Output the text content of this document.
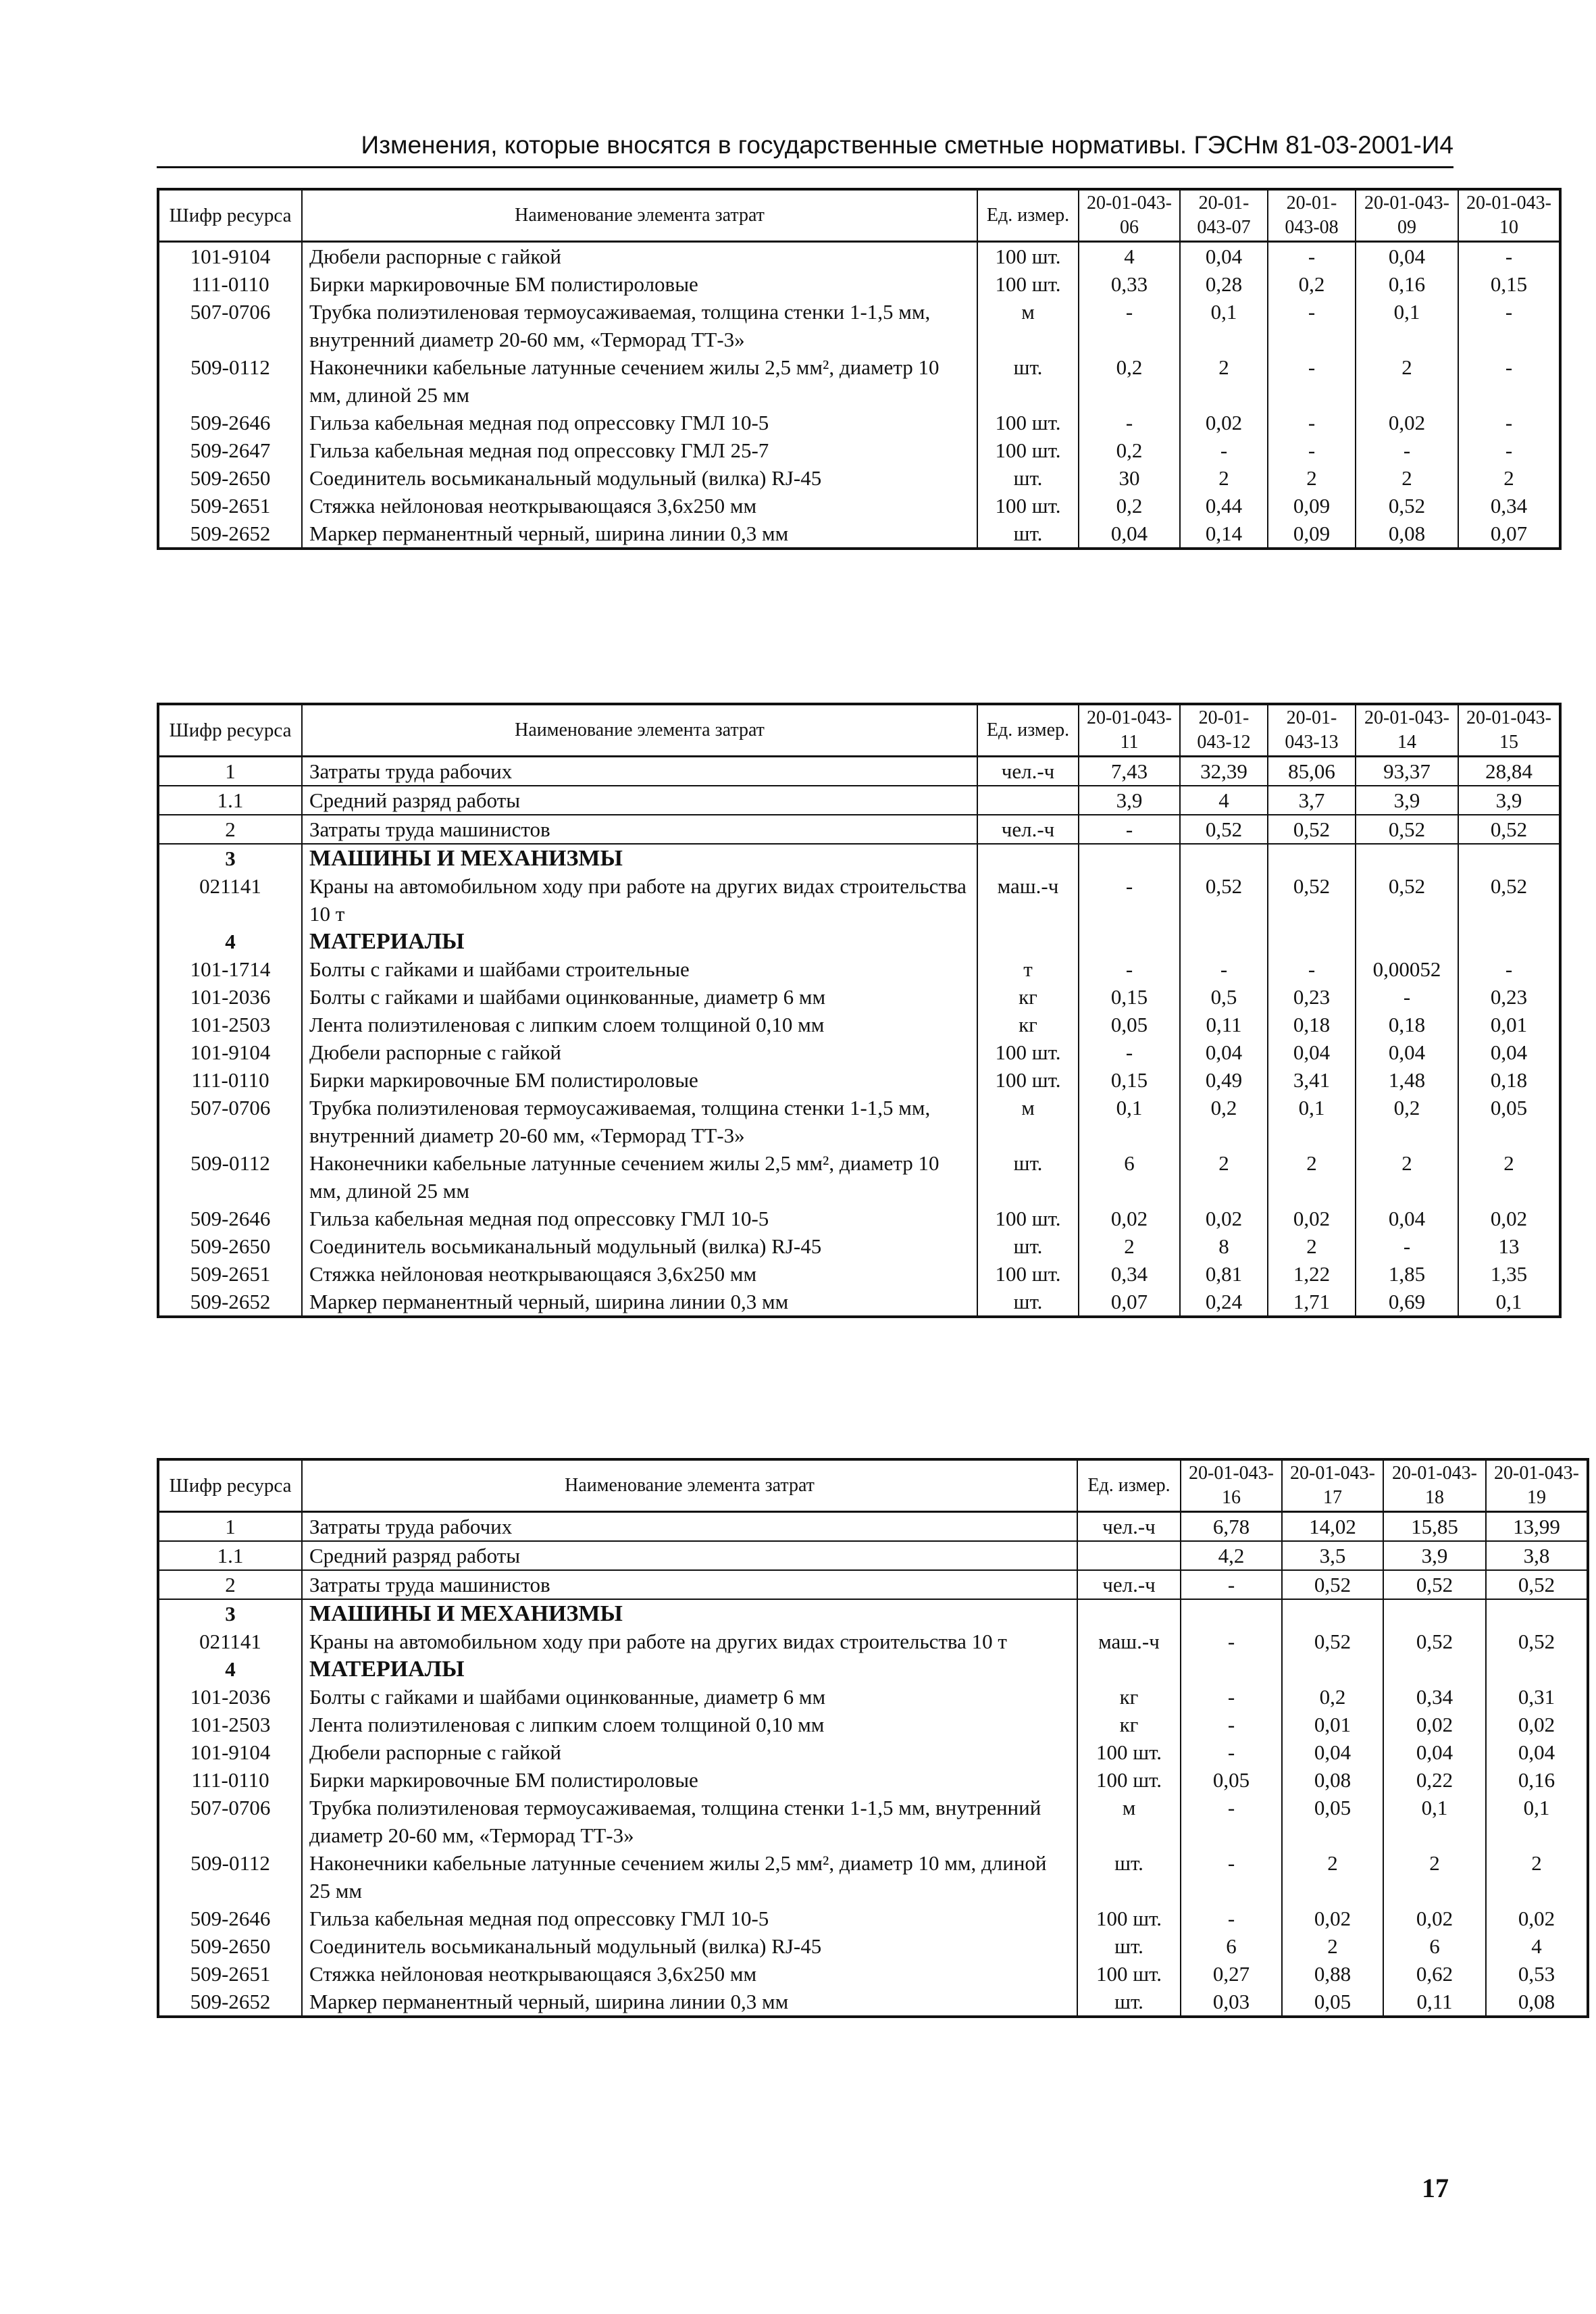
Изменения, которые вносятся в государственные сметные нормативы. ГЭСНм 81-03-2001-И4
Шифр ресурса	Наименование элемента затрат	Ед. измер.	20-01-043-06	20-01-043-07	20-01-043-08	20-01-043-09	20-01-043-10
101-9104	Дюбели распорные с гайкой	100 шт.	4	0,04	-	0,04	-
111-0110	Бирки маркировочные БМ полистироловые	100 шт.	0,33	0,28	0,2	0,16	0,15
507-0706	Трубка полиэтиленовая термоусаживаемая, толщина стенки 1-1,5 мм, внутренний диаметр 20-60 мм, «Терморад ТТ-3»	м	-	0,1	-	0,1	-
509-0112	Наконечники кабельные латунные сечением жилы 2,5 мм², диаметр 10 мм, длиной 25 мм	шт.	0,2	2	-	2	-
509-2646	Гильза кабельная медная под опрессовку ГМЛ 10-5	100 шт.	-	0,02	-	0,02	-
509-2647	Гильза кабельная медная под опрессовку ГМЛ 25-7	100 шт.	0,2	-	-	-	-
509-2650	Соединитель восьмиканальный модульный (вилка) RJ-45	шт.	30	2	2	2	2
509-2651	Стяжка нейлоновая неоткрывающаяся 3,6х250 мм	100 шт.	0,2	0,44	0,09	0,52	0,34
509-2652	Маркер перманентный черный, ширина линии 0,3 мм	шт.	0,04	0,14	0,09	0,08	0,07
Шифр ресурса	Наименование элемента затрат	Ед. измер.	20-01-043-11	20-01-043-12	20-01-043-13	20-01-043-14	20-01-043-15
1	Затраты труда рабочих	чел.-ч	7,43	32,39	85,06	93,37	28,84
1.1	Средний разряд работы		3,9	4	3,7	3,9	3,9
2	Затраты труда машинистов	чел.-ч	-	0,52	0,52	0,52	0,52
3	МАШИНЫ И МЕХАНИЗМЫ						
021141	Краны на автомобильном ходу при работе на других видах строительства 10 т	маш.-ч	-	0,52	0,52	0,52	0,52
4	МАТЕРИАЛЫ						
101-1714	Болты с гайками и шайбами строительные	т	-	-	-	0,00052	-
101-2036	Болты с гайками и шайбами оцинкованные, диаметр 6 мм	кг	0,15	0,5	0,23	-	0,23
101-2503	Лента полиэтиленовая с липким слоем толщиной 0,10 мм	кг	0,05	0,11	0,18	0,18	0,01
101-9104	Дюбели распорные с гайкой	100 шт.	-	0,04	0,04	0,04	0,04
111-0110	Бирки маркировочные БМ полистироловые	100 шт.	0,15	0,49	3,41	1,48	0,18
507-0706	Трубка полиэтиленовая термоусаживаемая, толщина стенки 1-1,5 мм, внутренний диаметр 20-60 мм, «Терморад ТТ-3»	м	0,1	0,2	0,1	0,2	0,05
509-0112	Наконечники кабельные латунные сечением жилы 2,5 мм², диаметр 10 мм, длиной 25 мм	шт.	6	2	2	2	2
509-2646	Гильза кабельная медная под опрессовку ГМЛ 10-5	100 шт.	0,02	0,02	0,02	0,04	0,02
509-2650	Соединитель восьмиканальный модульный (вилка) RJ-45	шт.	2	8	2	-	13
509-2651	Стяжка нейлоновая неоткрывающаяся 3,6х250 мм	100 шт.	0,34	0,81	1,22	1,85	1,35
509-2652	Маркер перманентный черный, ширина линии 0,3 мм	шт.	0,07	0,24	1,71	0,69	0,1
Шифр ресурса	Наименование элемента затрат	Ед. измер.	20-01-043-16	20-01-043-17	20-01-043-18	20-01-043-19
1	Затраты труда рабочих	чел.-ч	6,78	14,02	15,85	13,99
1.1	Средний разряд работы		4,2	3,5	3,9	3,8
2	Затраты труда машинистов	чел.-ч	-	0,52	0,52	0,52
3	МАШИНЫ И МЕХАНИЗМЫ					
021141	Краны на автомобильном ходу при работе на других видах строительства 10 т	маш.-ч	-	0,52	0,52	0,52
4	МАТЕРИАЛЫ					
101-2036	Болты с гайками и шайбами оцинкованные, диаметр 6 мм	кг	-	0,2	0,34	0,31
101-2503	Лента полиэтиленовая с липким слоем толщиной 0,10 мм	кг	-	0,01	0,02	0,02
101-9104	Дюбели распорные с гайкой	100 шт.	-	0,04	0,04	0,04
111-0110	Бирки маркировочные БМ полистироловые	100 шт.	0,05	0,08	0,22	0,16
507-0706	Трубка полиэтиленовая термоусаживаемая, толщина стенки 1-1,5 мм, внутренний диаметр 20-60 мм, «Терморад ТТ-3»	м	-	0,05	0,1	0,1
509-0112	Наконечники кабельные латунные сечением жилы 2,5 мм², диаметр 10 мм, длиной 25 мм	шт.	-	2	2	2
509-2646	Гильза кабельная медная под опрессовку ГМЛ 10-5	100 шт.	-	0,02	0,02	0,02
509-2650	Соединитель восьмиканальный модульный (вилка) RJ-45	шт.	6	2	6	4
509-2651	Стяжка нейлоновая неоткрывающаяся 3,6х250 мм	100 шт.	0,27	0,88	0,62	0,53
509-2652	Маркер перманентный черный, ширина линии 0,3 мм	шт.	0,03	0,05	0,11	0,08
17
